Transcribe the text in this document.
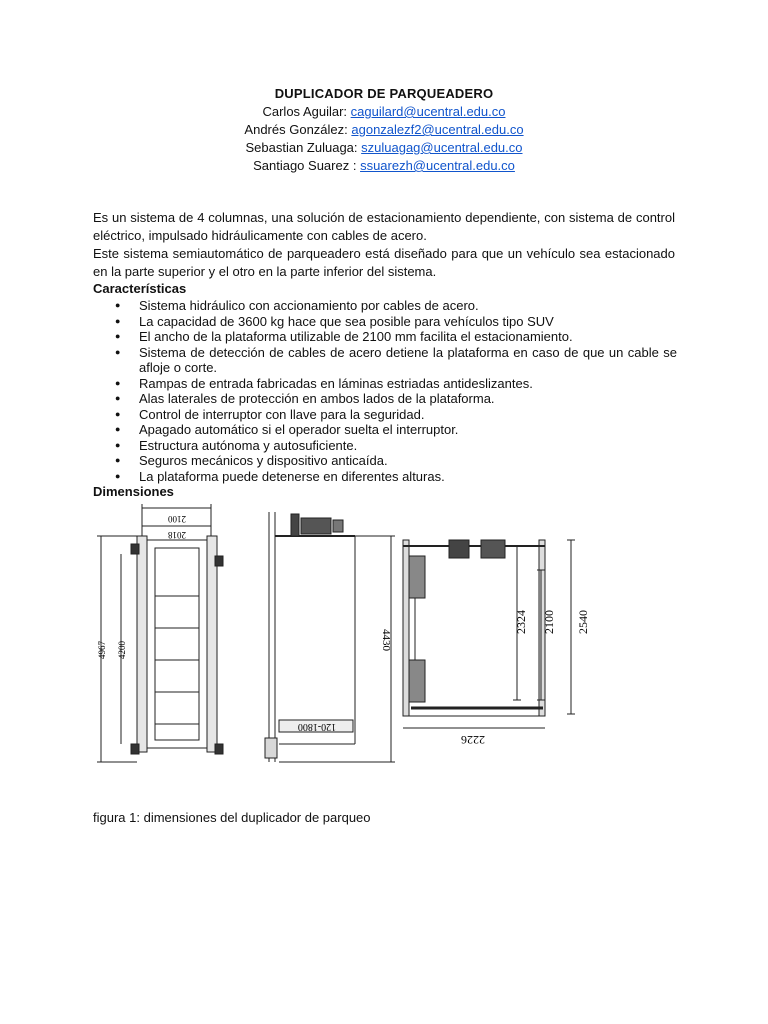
DUPLICADOR DE PARQUEADERO
Carlos Aguilar: caguilard@ucentral.edu.co
Andrés González: agonzalezf2@ucentral.edu.co
Sebastian Zuluaga: szuluagag@ucentral.edu.co
Santiago Suarez : ssuarezh@ucentral.edu.co
Es un sistema de 4 columnas, una solución de estacionamiento dependiente, con sistema de control eléctrico, impulsado hidráulicamente con cables de acero.
Este sistema semiautomático de parqueadero está diseñado para que un vehículo sea estacionado en la parte superior y el otro en la parte inferior del sistema.
Características
● Sistema hidráulico con accionamiento por cables de acero.
● La capacidad de 3600 kg hace que sea posible para vehículos tipo SUV
● El ancho de la plataforma utilizable de 2100 mm facilita el estacionamiento.
● Sistema de detección de cables de acero detiene la plataforma en caso de que un cable se afloje o corte.
● Rampas de entrada fabricadas en láminas estriadas antideslizantes.
● Alas laterales de protección en ambos lados de la plataforma.
● Control de interruptor con llave para la seguridad.
● Apagado automático si el operador suelta el interruptor.
● Estructura autónoma y autosuficiente.
● Seguros mecánicos y dispositivo anticaída.
● La plataforma puede detenerse en diferentes alturas.
Dimensiones
2100
2018
4967 4200	4430
120-1800
2324 2100 2540
2226
figura 1: dimensiones del duplicador de parqueo
